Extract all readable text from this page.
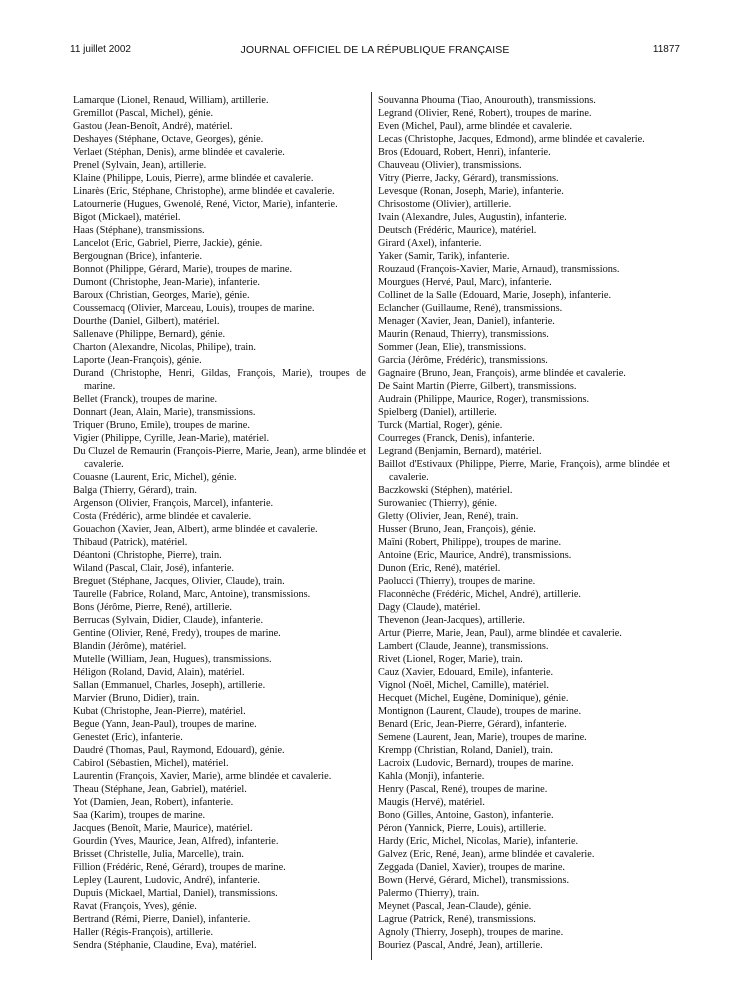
11 juillet 2002	JOURNAL OFFICIEL DE LA RÉPUBLIQUE FRANÇAISE	11877
Lamarque (Lionel, Renaud, William), artillerie.
Gremillot (Pascal, Michel), génie.
Gastou (Jean-Benoît, André), matériel.
Deshayes (Stéphane, Octave, Georges), génie.
Verlaet (Stéphan, Denis), arme blindée et cavalerie.
Prenel (Sylvain, Jean), artillerie.
Klaine (Philippe, Louis, Pierre), arme blindée et cavalerie.
Linarès (Eric, Stéphane, Christophe), arme blindée et cavalerie.
Latournerie (Hugues, Gwenolé, René, Victor, Marie), infanterie.
Bigot (Mickael), matériel.
Haas (Stéphane), transmissions.
Lancelot (Eric, Gabriel, Pierre, Jackie), génie.
Bergougnan (Brice), infanterie.
Bonnot (Philippe, Gérard, Marie), troupes de marine.
Dumont (Christophe, Jean-Marie), infanterie.
Baroux (Christian, Georges, Marie), génie.
Coussemacq (Olivier, Marceau, Louis), troupes de marine.
Dourthe (Daniel, Gilbert), matériel.
Sallenave (Philippe, Bernard), génie.
Charton (Alexandre, Nicolas, Philipe), train.
Laporte (Jean-François), génie.
Durand (Christophe, Henri, Gildas, François, Marie), troupes de marine.
Bellet (Franck), troupes de marine.
Donnart (Jean, Alain, Marie), transmissions.
Triquer (Bruno, Emile), troupes de marine.
Vigier (Philippe, Cyrille, Jean-Marie), matériel.
Du Cluzel de Remaurin (François-Pierre, Marie, Jean), arme blindée et cavalerie.
Couasne (Laurent, Eric, Michel), génie.
Balga (Thierry, Gérard), train.
Argenson (Olivier, François, Marcel), infanterie.
Costa (Frédéric), arme blindée et cavalerie.
Gouachon (Xavier, Jean, Albert), arme blindée et cavalerie.
Thibaud (Patrick), matériel.
Déantoni (Christophe, Pierre), train.
Wiland (Pascal, Clair, José), infanterie.
Breguet (Stéphane, Jacques, Olivier, Claude), train.
Taurelle (Fabrice, Roland, Marc, Antoine), transmissions.
Bons (Jérôme, Pierre, René), artillerie.
Berrucas (Sylvain, Didier, Claude), infanterie.
Gentine (Olivier, René, Fredy), troupes de marine.
Blandin (Jérôme), matériel.
Mutelle (William, Jean, Hugues), transmissions.
Héligon (Roland, David, Alain), matériel.
Sallan (Emmanuel, Charles, Joseph), artillerie.
Marvier (Bruno, Didier), train.
Kubat (Christophe, Jean-Pierre), matériel.
Begue (Yann, Jean-Paul), troupes de marine.
Genestet (Eric), infanterie.
Daudré (Thomas, Paul, Raymond, Edouard), génie.
Cabirol (Sébastien, Michel), matériel.
Laurentin (François, Xavier, Marie), arme blindée et cavalerie.
Theau (Stéphane, Jean, Gabriel), matériel.
Yot (Damien, Jean, Robert), infanterie.
Saa (Karim), troupes de marine.
Jacques (Benoît, Marie, Maurice), matériel.
Gourdin (Yves, Maurice, Jean, Alfred), infanterie.
Brisset (Christelle, Julia, Marcelle), train.
Fillion (Frédéric, René, Gérard), troupes de marine.
Lepley (Laurent, Ludovic, André), infanterie.
Dupuis (Mickael, Martial, Daniel), transmissions.
Ravat (François, Yves), génie.
Bertrand (Rémi, Pierre, Daniel), infanterie.
Haller (Régis-François), artillerie.
Sendra (Stéphanie, Claudine, Eva), matériel.
Souvanna Phouma (Tiao, Anourouth), transmissions.
Legrand (Olivier, René, Robert), troupes de marine.
Even (Michel, Paul), arme blindée et cavalerie.
Lecas (Christophe, Jacques, Edmond), arme blindée et cavalerie.
Bros (Edouard, Robert, Henri), infanterie.
Chauveau (Olivier), transmissions.
Vitry (Pierre, Jacky, Gérard), transmissions.
Levesque (Ronan, Joseph, Marie), infanterie.
Chrisostome (Olivier), artillerie.
Ivain (Alexandre, Jules, Augustin), infanterie.
Deutsch (Frédéric, Maurice), matériel.
Girard (Axel), infanterie.
Yaker (Samir, Tarik), infanterie.
Rouzaud (François-Xavier, Marie, Arnaud), transmissions.
Mourgues (Hervé, Paul, Marc), infanterie.
Collinet de la Salle (Edouard, Marie, Joseph), infanterie.
Eclancher (Guillaume, René), transmissions.
Menager (Xavier, Jean, Daniel), infanterie.
Maurin (Renaud, Thierry), transmissions.
Sommer (Jean, Elie), transmissions.
Garcia (Jérôme, Frédéric), transmissions.
Gagnaire (Bruno, Jean, François), arme blindée et cavalerie.
De Saint Martin (Pierre, Gilbert), transmissions.
Audrain (Philippe, Maurice, Roger), transmissions.
Spielberg (Daniel), artillerie.
Turck (Martial, Roger), génie.
Courreges (Franck, Denis), infanterie.
Legrand (Benjamin, Bernard), matériel.
Baillot d'Estivaux (Philippe, Pierre, Marie, François), arme blindée et cavalerie.
Baczkowski (Stéphen), matériel.
Surowaniec (Thierry), génie.
Gletty (Olivier, Jean, René), train.
Husser (Bruno, Jean, François), génie.
Maïni (Robert, Philippe), troupes de marine.
Antoine (Eric, Maurice, André), transmissions.
Dunon (Eric, René), matériel.
Paolucci (Thierry), troupes de marine.
Flaconnèche (Frédéric, Michel, André), artillerie.
Dagy (Claude), matériel.
Thevenon (Jean-Jacques), artillerie.
Artur (Pierre, Marie, Jean, Paul), arme blindée et cavalerie.
Lambert (Claude, Jeanne), transmissions.
Rivet (Lionel, Roger, Marie), train.
Cauz (Xavier, Edouard, Emile), infanterie.
Vignol (Noël, Michel, Camille), matériel.
Hecquet (Michel, Eugène, Dominique), génie.
Montignon (Laurent, Claude), troupes de marine.
Benard (Eric, Jean-Pierre, Gérard), infanterie.
Semene (Laurent, Jean, Marie), troupes de marine.
Krempp (Christian, Roland, Daniel), train.
Lacroix (Ludovic, Bernard), troupes de marine.
Kahla (Monji), infanterie.
Henry (Pascal, René), troupes de marine.
Maugis (Hervé), matériel.
Bono (Gilles, Antoine, Gaston), infanterie.
Péron (Yannick, Pierre, Louis), artillerie.
Hardy (Eric, Michel, Nicolas, Marie), infanterie.
Galvez (Eric, René, Jean), arme blindée et cavalerie.
Zeggada (Daniel, Xavier), troupes de marine.
Bown (Hervé, Gérard, Michel), transmissions.
Palermo (Thierry), train.
Meynet (Pascal, Jean-Claude), génie.
Lagrue (Patrick, René), transmissions.
Agnoly (Thierry, Joseph), troupes de marine.
Bouriez (Pascal, André, Jean), artillerie.
